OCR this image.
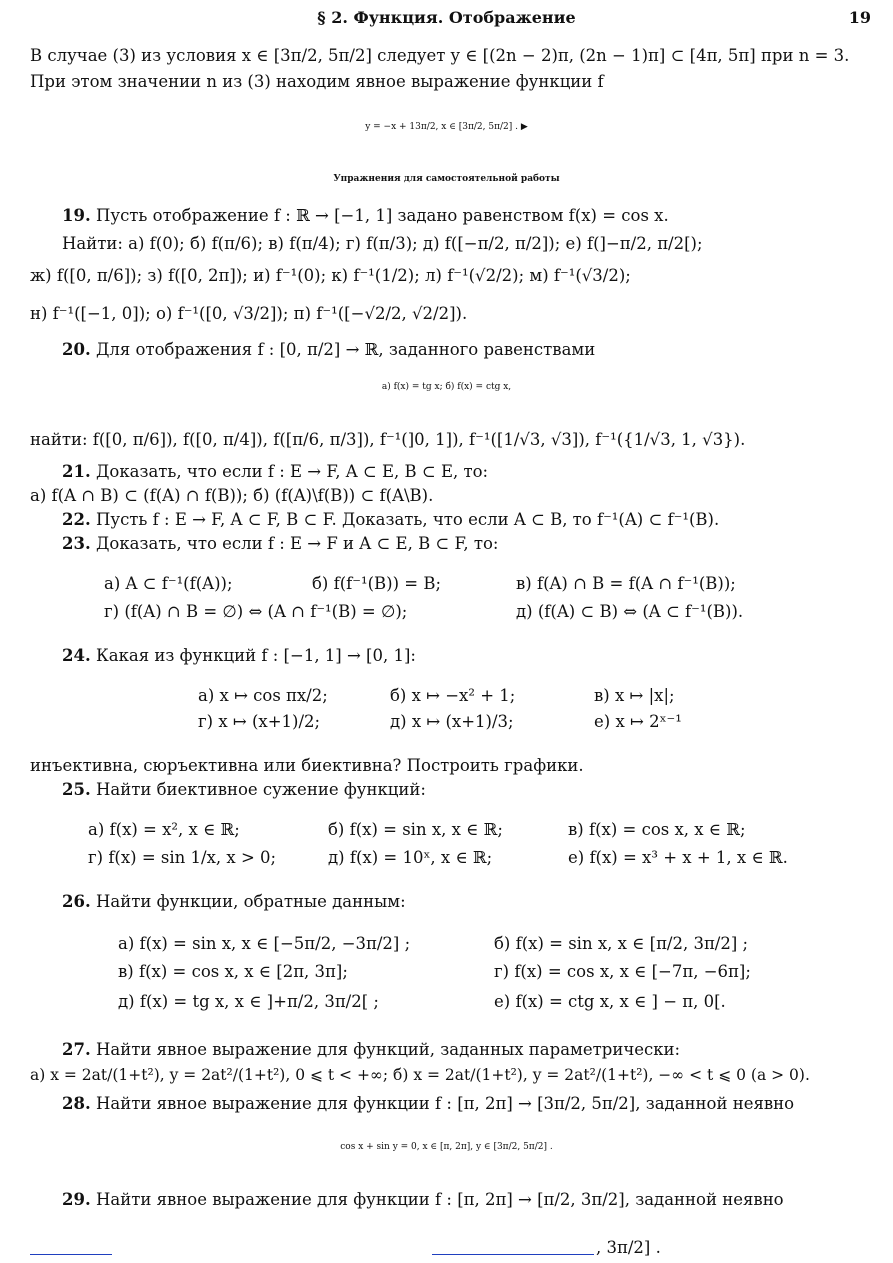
§ 2. Функция. Отображение	19
В случае (3) из условия x ∈ [3π/2, 5π/2] следует y ∈ [(2n − 2)π, (2n − 1)π] ⊂ [4π, 5π] при n = 3.
При этом значении n из (3) находим явное выражение функции f
y = −x + 13π/2, x ∈ [3π/2, 5π/2] . ▶
Упражнения для самостоятельной работы
19. Пусть отображение f : ℝ → [−1, 1] задано равенством f(x) = cos x.
Найти: а) f(0); б) f(π/6); в) f(π/4); г) f(π/3); д) f([−π/2, π/2]); е) f(]−π/2, π/2[);
ж) f([0, π/6]); з) f([0, 2π]); и) f⁻¹(0); к) f⁻¹(1/2); л) f⁻¹(√2/2); м) f⁻¹(√3/2);
н) f⁻¹([−1, 0]); о) f⁻¹([0, √3/2]); п) f⁻¹([−√2/2, √2/2]).
20. Для отображения f : [0, π/2] → ℝ, заданного равенствами
а) f(x) = tg x; б) f(x) = ctg x,
найти: f([0, π/6]), f([0, π/4]), f([π/6, π/3]), f⁻¹(]0, 1]), f⁻¹([1/√3, √3]), f⁻¹({1/√3, 1, √3}).
21. Доказать, что если f : E → F, A ⊂ E, B ⊂ E, то:
а) f(A ∩ B) ⊂ (f(A) ∩ f(B)); б) (f(A)\f(B)) ⊂ f(A\B).
22. Пусть f : E → F, A ⊂ F, B ⊂ F. Доказать, что если A ⊂ B, то f⁻¹(A) ⊂ f⁻¹(B).
23. Доказать, что если f : E → F и A ⊂ E, B ⊂ F, то:
а) A ⊂ f⁻¹(f(A));	б) f(f⁻¹(B)) = B;	в) f(A) ∩ B = f(A ∩ f⁻¹(B));
г) (f(A) ∩ B = ∅) ⇔ (A ∩ f⁻¹(B) = ∅);	д) (f(A) ⊂ B) ⇔ (A ⊂ f⁻¹(B)).
24. Какая из функций f : [−1, 1] → [0, 1]:
а) x ↦ cos πx/2;	б) x ↦ −x² + 1;	в) x ↦ |x|;
г) x ↦ (x+1)/2;	д) x ↦ (x+1)/3;	е) x ↦ 2ˣ⁻¹
инъективна, сюръективна или биективна? Построить графики.
25. Найти биективное сужение функций:
а) f(x) = x², x ∈ ℝ;	б) f(x) = sin x, x ∈ ℝ;	в) f(x) = cos x, x ∈ ℝ;
г) f(x) = sin 1/x, x > 0;	д) f(x) = 10ˣ, x ∈ ℝ;	е) f(x) = x³ + x + 1, x ∈ ℝ.
26. Найти функции, обратные данным:
а) f(x) = sin x, x ∈ [−5π/2, −3π/2] ;	б) f(x) = sin x, x ∈ [π/2, 3π/2] ;
в) f(x) = cos x, x ∈ [2π, 3π];	г) f(x) = cos x, x ∈ [−7π, −6π];
д) f(x) = tg x, x ∈ ]+π/2, 3π/2[ ;	е) f(x) = ctg x, x ∈ ] − π, 0[.
27. Найти явное выражение для функций, заданных параметрически:
а) x = 2at/(1+t²), y = 2at²/(1+t²), 0 ⩽ t < +∞; б) x = 2at/(1+t²), y = 2at²/(1+t²), −∞ < t ⩽ 0 (a > 0).
28. Найти явное выражение для функции f : [π, 2π] → [3π/2, 5π/2], заданной неявно
cos x + sin y = 0, x ∈ [π, 2π], y ∈ [3π/2, 5π/2] .
29. Найти явное выражение для функции f : [π, 2π] → [π/2, 3π/2], заданной неявно
, 3π/2] .
